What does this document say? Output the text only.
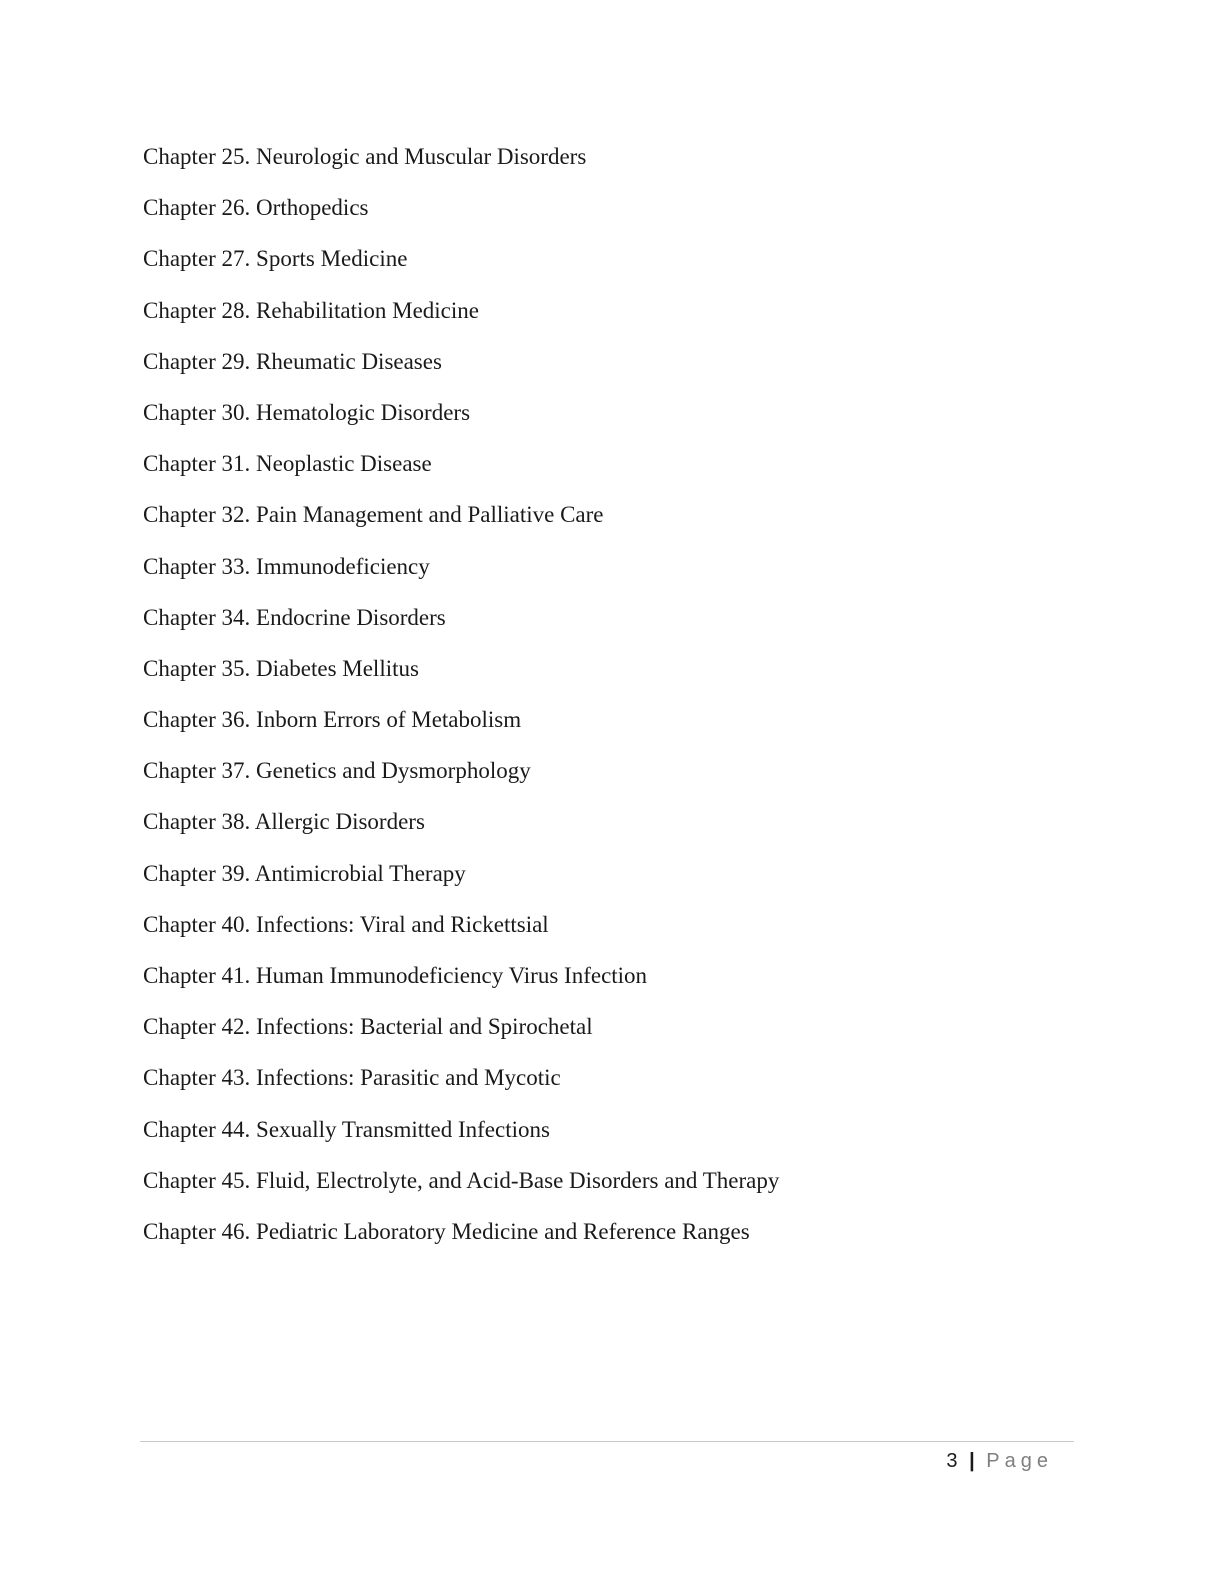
Chapter 25. Neurologic and Muscular Disorders
Chapter 26. Orthopedics
Chapter 27. Sports Medicine
Chapter 28. Rehabilitation Medicine
Chapter 29. Rheumatic Diseases
Chapter 30. Hematologic Disorders
Chapter 31. Neoplastic Disease
Chapter 32. Pain Management and Palliative Care
Chapter 33. Immunodeficiency
Chapter 34. Endocrine Disorders
Chapter 35. Diabetes Mellitus
Chapter 36. Inborn Errors of Metabolism
Chapter 37. Genetics and Dysmorphology
Chapter 38. Allergic Disorders
Chapter 39. Antimicrobial Therapy
Chapter 40. Infections: Viral and Rickettsial
Chapter 41. Human Immunodeficiency Virus Infection
Chapter 42. Infections: Bacterial and Spirochetal
Chapter 43. Infections: Parasitic and Mycotic
Chapter 44. Sexually Transmitted Infections
Chapter 45. Fluid, Electrolyte, and Acid-Base Disorders and Therapy
Chapter 46. Pediatric Laboratory Medicine and Reference Ranges
3 | Page
